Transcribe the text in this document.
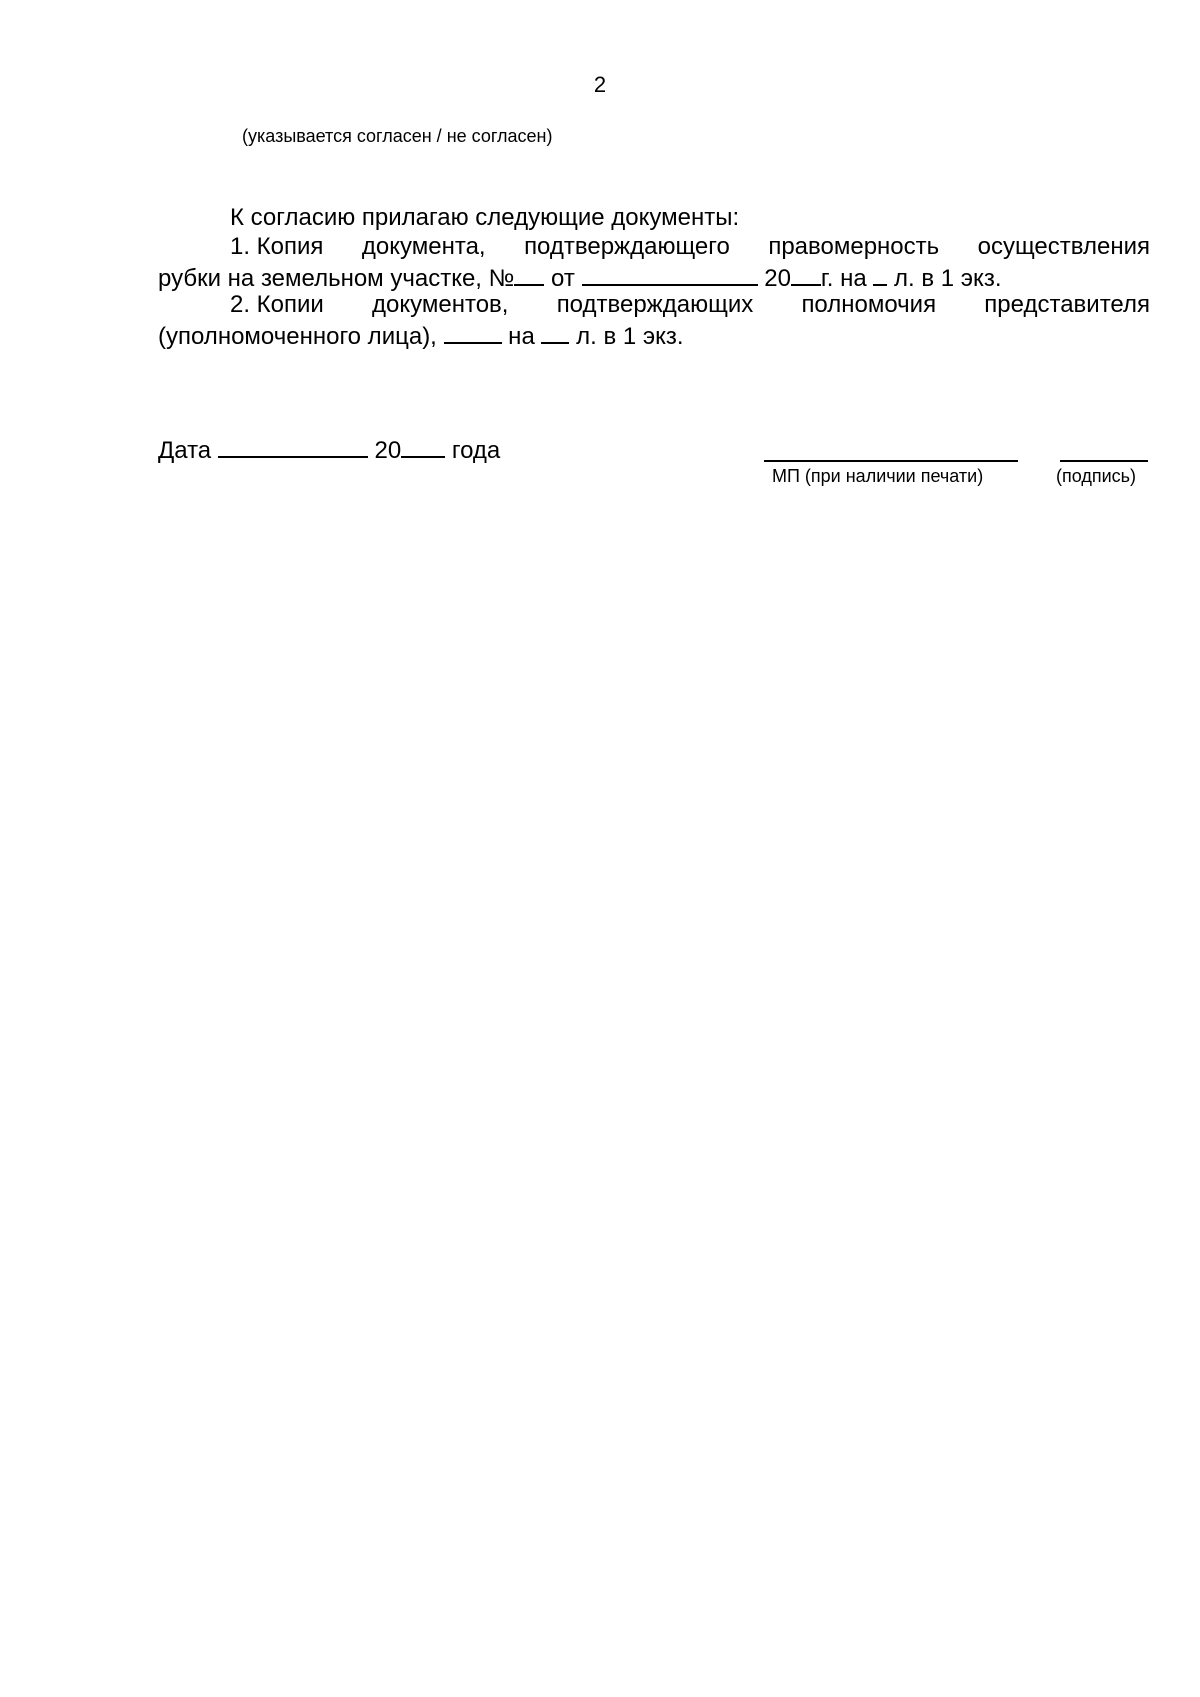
2
(указывается согласен / не согласен)
К согласию прилагаю следующие документы:
1. Копия документа, подтверждающего правомерность осуществления
рубки на земельном участке, № от	20 г. на  л. в 1 экз.
2. Копии документов, подтверждающих полномочия представителя
(уполномоченного лица),  на  л. в 1 экз.
Дата	20 года
МП (при наличии печати)	(подпись)
